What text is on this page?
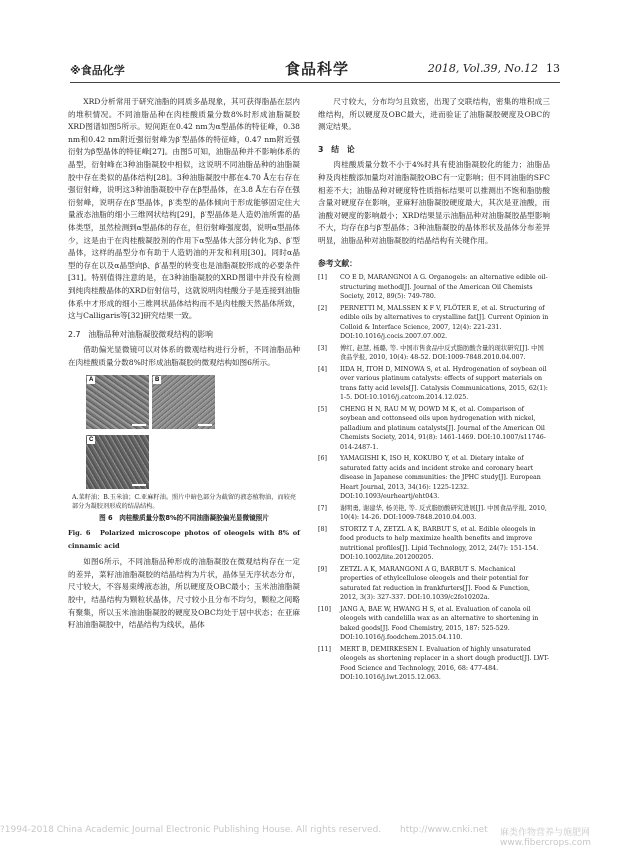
※食品化学	食品科学	2018, Vol.39, No.12 13

XRD分析常用于研究油脂的同质多晶现象，其可获得脂晶在层内的堆积情况。不同油脂品种在肉桂酸质量分数8%时形成油脂凝胶XRD图谱如图5所示。短间距在0.42 nm为α型晶体的特征峰，0.38 nm和0.42 nm附近强衍射峰为β′型晶体的特征峰，0.47 nm附近强衍射为β型晶体的特征峰[27]。由图5可知，油脂品种并不影响体系的晶型，衍射峰在3种油脂凝胶中相似，这说明不同油脂品种的油脂凝胶中存在类似的晶体结构[28]。3种油脂凝胶中都在4.70 Å左右存在强衍射峰，说明这3种油脂凝胶中存在β型晶体，在3.8 Å左右存在强衍射峰，说明存在β′型晶体，β′类型的晶体倾向于形成能够固定住大量液态油脂的细小三维网状结构[29]，β′型晶体是人造奶油所需的晶体类型，虽然检测到α型晶体的存在，但衍射峰强度弱，说明α型晶体少，这是由于在肉桂酸凝胶剂的作用下α型晶体大部分转化为β、β′型晶体，这样的晶型分布有助于人造奶油的开发和利用[30]。同时α晶型的存在以及α晶型向β、β′晶型的转变也是油脂凝胶形成的必要条件[31]。特别值得注意的是，在3种油脂凝胶的XRD图谱中并没有检测到纯肉桂酸晶体的XRD衍射信号，这就说明肉桂酸分子是连接到油脂体系中才形成的细小三维网状晶体结构而不是肉桂酸天然晶体所致，这与Calligaris等[32]研究结果一致。

2.7　油脂品种对油脂凝胶微观结构的影响

借助偏光显微镜可以对体系的微观结构进行分析，不同油脂品种在肉桂酸质量分数8%时形成油脂凝胶的微观结构如图6所示。

A	B
C

A.菜籽油；B.玉米油；C.亚麻籽油。照片中暗色部分为截留的液态植物油，而较亮部分为凝胶剂形成的结晶结构。

图 6　肉桂酸质量分数8%的不同油脂凝胶偏光显微镜照片

Fig. 6　Polarized microscope photos of oleogels with 8% of cinnamic acid

如图6所示，不同油脂品种形成的油脂凝胶在微观结构存在一定的差异，菜籽油油脂凝胶的结晶结构为片状，晶体呈无序状态分布，尺寸较大，不容易束缚液态油，所以硬度及OBC最小；玉米油油脂凝胶中，结晶结构为颗粒状晶体，尺寸较小且分布不均匀，颗粒之间略有聚集，所以玉米油油脂凝胶的硬度及OBC均处于居中状态；在亚麻籽油油脂凝胶中，结晶结构为线状，晶体

尺寸较大，分布均匀且致密，出现了交联结构，密集的堆积成三维结构，所以硬度及OBC最大，进而验证了油脂凝胶硬度及OBC的测定结果。

3　结　论

肉桂酸质量分数不小于4%时具有使油脂凝胶化的能力；油脂品种及肉桂酸添加量均对油脂凝胶OBC有一定影响；但不同油脂的SFC相差不大；油脂品种对硬度特性质指标结果可以推测出不饱和脂肪酸含量对硬度存在影响，亚麻籽油脂凝胶硬度最大，其次是亚油酸，而油酸对硬度的影响最小；XRD结果显示油脂品种对油脂凝胶晶型影响不大，均存在β与β′型晶体；3种油脂凝胶的晶体形状及晶体分布差异明显，油脂品种对油脂凝胶的结晶结构有关键作用。

参考文献：
[1] CO E D, MARANGNOI A G. Organogels: an alternative edible oil-structuring method[J]. Journal of the American Oil Chemists Society, 2012, 89(5): 749-780.
[2] PERNETTI M, MALSSEN K F V, FLÖTER E, et al. Structuring of edible oils by alternatives to crystalline fat[J]. Current Opinion in Colloid & Interface Science, 2007, 12(4): 221-231. DOI:10.1016/j.cocis.2007.07.002.
[3] 傅红, 赵慧, 杨璐, 等. 中国市售食品中反式脂肪酸含量的现状研究[J]. 中国食品学报, 2010, 10(4): 48-52. DOI:1009-7848.2010.04.007.
[4] IIDA H, ITOH D, MINOWA S, et al. Hydrogenation of soybean oil over various platinum catalysts: effects of support materials on trans fatty acid levels[J]. Catalysis Communications, 2015, 62(1): 1-5. DOI:10.1016/j.catcom.2014.12.025.
[5] CHENG H N, RAU M W, DOWD M K, et al. Comparison of soybean and cottonseed oils upon hydrogenation with nickel, palladium and platinum catalysts[J]. Journal of the American Oil Chemists Society, 2014, 91(8): 1461-1469. DOI:10.1007/s11746-014-2487-1.
[6] YAMAGISHI K, ISO H, KOKUBO Y, et al. Dietary intake of saturated fatty acids and incident stroke and coronary heart disease in Japanese communities: the JPHC study[J]. European Heart Journal, 2013, 34(16): 1225-1232. DOI:10.1093/eurheartj/eht043.
[7] 谢明勇, 谢建华, 杨美艳, 等. 反式脂肪酸研究进展[J]. 中国食品学报, 2010, 10(4): 14-26. DOI:1009-7848.2010.04.003.
[8] STORTZ T A, ZETZL A K, BARBUT S, et al. Edible oleogels in food products to help maximize health benefits and improve nutritional profiles[J]. Lipid Technology, 2012, 24(7): 151-154. DOI:10.1002/lite.201200205.
[9] ZETZL A K, MARANGONI A G, BARBUT S. Mechanical properties of ethylcellulose oleogels and their potential for saturated fat reduction in frankfurters[J]. Food & Function, 2012, 3(3): 327-337. DOI:10.1039/c2fo10202a.
[10] JANG A, BAE W, HWANG H S, et al. Evaluation of canola oil oleogels with candelilla wax as an alternative to shortening in baked goods[J]. Food Chemistry, 2015, 187: 525-529. DOI:10.1016/j.foodchem.2015.04.110.
[11] MERT B, DEMIRKESEN I. Evaluation of highly unsaturated oleogels as shortening replacer in a short dough product[J]. LWT-Food Science and Technology, 2016, 68: 477-484. DOI:10.1016/j.lwt.2015.12.063.
?1994-2018 China Academic Journal Electronic Publishing House. All rights reserved. http://www.cnki.net 麻类作物营养与施肥网 www.fibercrops.com
